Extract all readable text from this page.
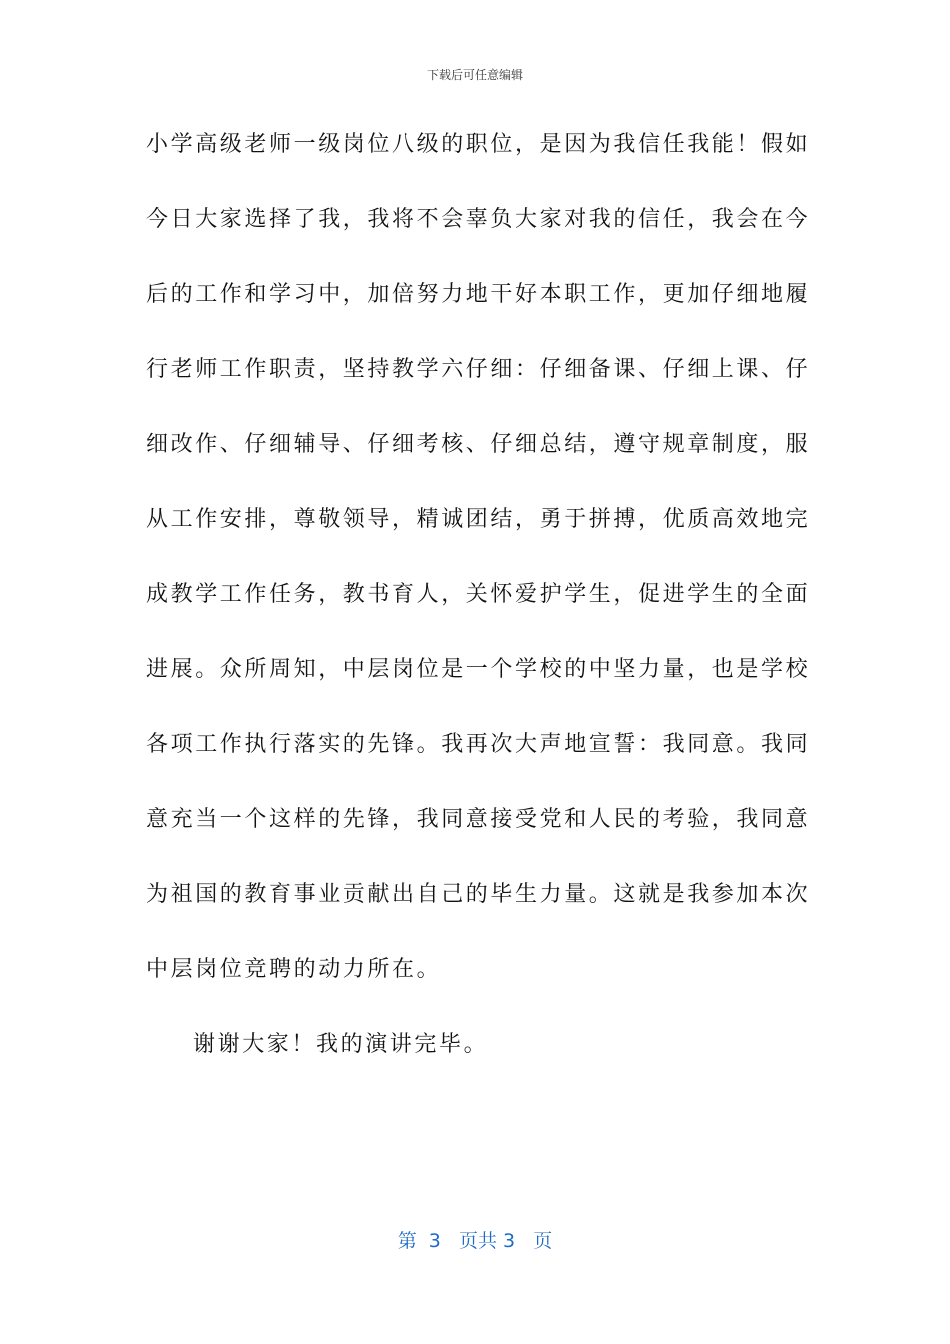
下载后可任意编辑
小学高级老师一级岗位八级的职位，是因为我信任我能！假如
今日大家选择了我，我将不会辜负大家对我的信任，我会在今
后的工作和学习中，加倍努力地干好本职工作，更加仔细地履
行老师工作职责，坚持教学六仔细：仔细备课、仔细上课、仔
细改作、仔细辅导、仔细考核、仔细总结，遵守规章制度，服
从工作安排，尊敬领导，精诚团结，勇于拼搏，优质高效地完
成教学工作任务，教书育人，关怀爱护学生，促进学生的全面
进展。众所周知，中层岗位是一个学校的中坚力量，也是学校
各项工作执行落实的先锋。我再次大声地宣誓：我同意。我同
意充当一个这样的先锋，我同意接受党和人民的考验，我同意
为祖国的教育事业贡献出自己的毕生力量。这就是我参加本次
中层岗位竞聘的动力所在。
谢谢大家！我的演讲完毕。
第  3   页共 3   页
